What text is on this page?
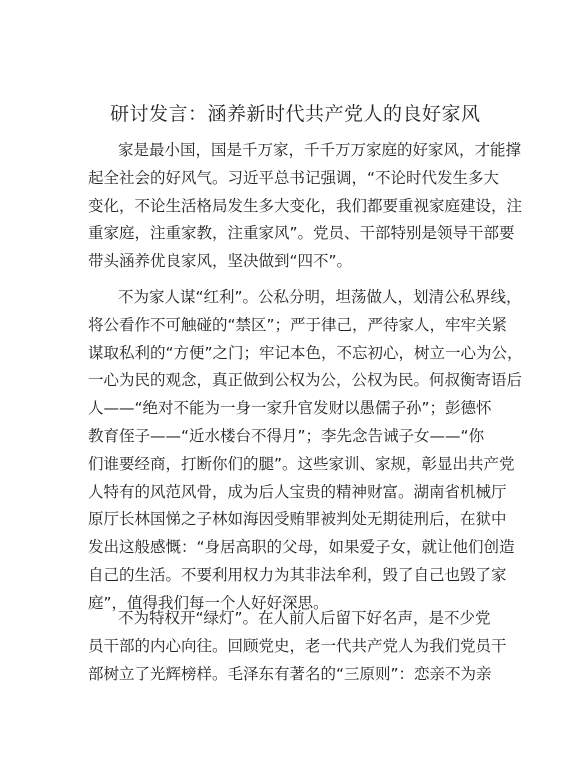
研讨发言：涵养新时代共产党人的良好家风
家是最小国，国是千万家，千千万万家庭的好家风，才能撑
起全社会的好风气。习近平总书记强调，“不论时代发生多大
变化，不论生活格局发生多大变化，我们都要重视家庭建设，注
重家庭，注重家教，注重家风”。党员、干部特别是领导干部要
带头涵养优良家风，坚决做到“四不”。
不为家人谋“红利”。公私分明，坦荡做人，划清公私界线，
将公看作不可触碰的“禁区”；严于律己，严待家人，牢牢关紧
谋取私利的“方便”之门；牢记本色，不忘初心，树立一心为公，
一心为民的观念，真正做到公权为公，公权为民。何叔衡寄语后
人——“绝对不能为一身一家升官发财以愚儒子孙”；彭德怀
教育侄子——“近水楼台不得月”；李先念告诫子女——“你
们谁要经商，打断你们的腿”。这些家训、家规，彰显出共产党
人特有的风范风骨，成为后人宝贵的精神财富。湖南省机械厅
原厅长林国悌之子林如海因受贿罪被判处无期徒刑后，在狱中
发出这般感慨：“身居高职的父母，如果爱子女，就让他们创造
自己的生活。不要利用权力为其非法牟利，毁了自己也毁了家
庭”，值得我们每一个人好好深思。
不为特权开“绿灯”。在人前人后留下好名声，是不少党
员干部的内心向往。回顾党史，老一代共产党人为我们党员干
部树立了光辉榜样。毛泽东有著名的“三原则”：恋亲不为亲
